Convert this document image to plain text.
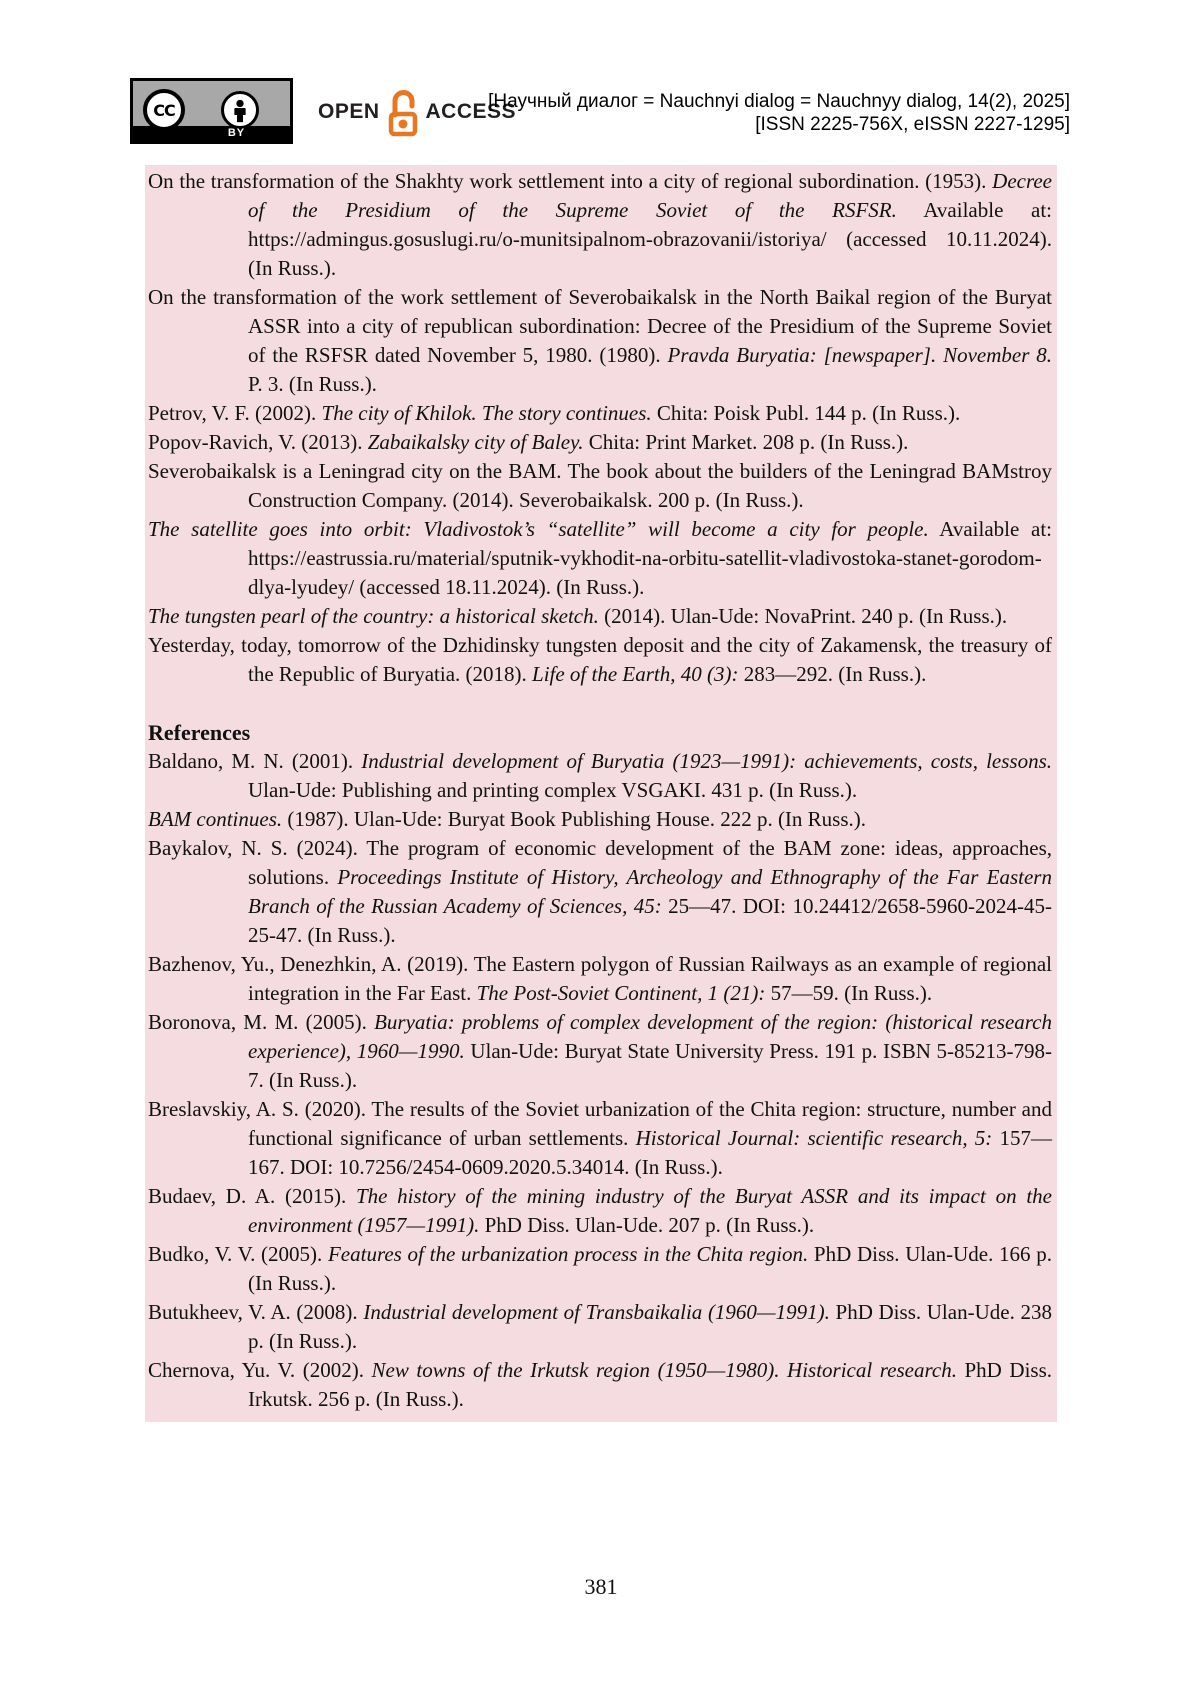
CC
BY
OPEN ACCESS
[Научный диалог = Nauchnyi dialog = Nauchnyy dialog, 14(2), 2025]
[ISSN 2225-756X, eISSN 2227-1295]

On the transformation of the Shakhty work settlement into a city of regional subordination. (1953). Decree of the Presidium of the Supreme Soviet of the RSFSR. Available at: https://admingus.gosuslugi.ru/o-munitsipalnom-obrazovanii/istoriya/ (accessed 10.11.2024). (In Russ.).

On the transformation of the work settlement of Severobaikalsk in the North Baikal region of the Buryat ASSR into a city of republican subordination: Decree of the Presidium of the Supreme Soviet of the RSFSR dated November 5, 1980. (1980). Pravda Buryatia: [newspaper]. November 8. P. 3. (In Russ.).

Petrov, V. F. (2002). The city of Khilok. The story continues. Chita: Poisk Publ. 144 p. (In Russ.).

Popov-Ravich, V. (2013). Zabaikalsky city of Baley. Chita: Print Market. 208 p. (In Russ.).

Severobaikalsk is a Leningrad city on the BAM. The book about the builders of the Leningrad BAMstroy Construction Company. (2014). Severobaikalsk. 200 p. (In Russ.).

The satellite goes into orbit: Vladivostok’s “satellite” will become a city for people. Available at: https://eastrussia.ru/material/sputnik-vykhodit-na-orbitu-satellit-vladivostoka-stanet-gorodom-dlya-lyudey/ (accessed 18.11.2024). (In Russ.).

The tungsten pearl of the country: a historical sketch. (2014). Ulan-Ude: NovaPrint. 240 p. (In Russ.).

Yesterday, today, tomorrow of the Dzhidinsky tungsten deposit and the city of Zakamensk, the treasury of the Republic of Buryatia. (2018). Life of the Earth, 40 (3): 283—292. (In Russ.).

References

Baldano, M. N. (2001). Industrial development of Buryatia (1923—1991): achievements, costs, lessons. Ulan-Ude: Publishing and printing complex VSGAKI. 431 p. (In Russ.).

BAM continues. (1987). Ulan-Ude: Buryat Book Publishing House. 222 p. (In Russ.).

Baykalov, N. S. (2024). The program of economic development of the BAM zone: ideas, approaches, solutions. Proceedings Institute of History, Archeology and Ethnography of the Far Eastern Branch of the Russian Academy of Sciences, 45: 25—47. DOI: 10.24412/2658-5960-2024-45-25-47. (In Russ.).

Bazhenov, Yu., Denezhkin, A. (2019). The Eastern polygon of Russian Railways as an example of regional integration in the Far East. The Post-Soviet Continent, 1 (21): 57—59. (In Russ.).

Boronova, M. M. (2005). Buryatia: problems of complex development of the region: (historical research experience), 1960—1990. Ulan-Ude: Buryat State University Press. 191 p. ISBN 5-85213-798-7. (In Russ.).

Breslavskiy, A. S. (2020). The results of the Soviet urbanization of the Chita region: structure, number and functional significance of urban settlements. Historical Journal: scientific research, 5: 157—167. DOI: 10.7256/2454-0609.2020.5.34014. (In Russ.).

Budaev, D. A. (2015). The history of the mining industry of the Buryat ASSR and its impact on the environment (1957—1991). PhD Diss. Ulan-Ude. 207 p. (In Russ.).

Budko, V. V. (2005). Features of the urbanization process in the Chita region. PhD Diss. Ulan-Ude. 166 p. (In Russ.).

Butukheev, V. A. (2008). Industrial development of Transbaikalia (1960—1991). PhD Diss. Ulan-Ude. 238 p. (In Russ.).

Chernova, Yu. V. (2002). New towns of the Irkutsk region (1950—1980). Historical research. PhD Diss. Irkutsk. 256 p. (In Russ.).

381
